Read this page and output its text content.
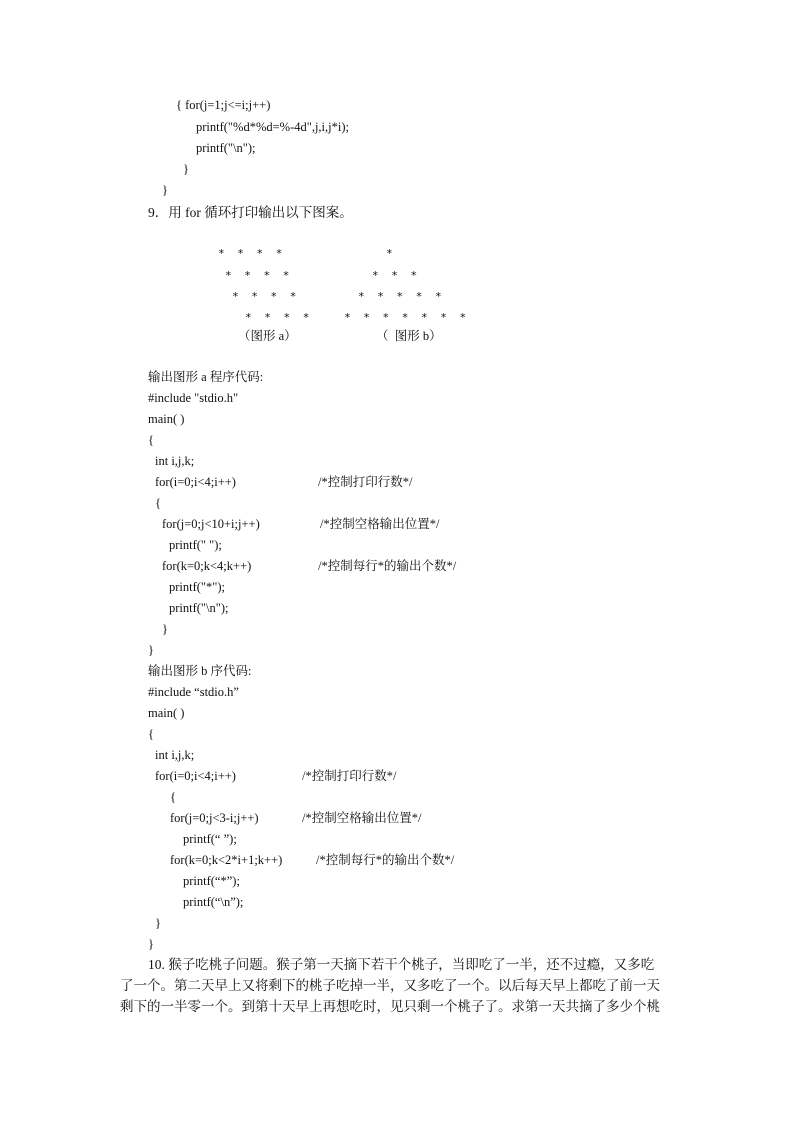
{ for(j=1;j<=i;j++)
printf("%d*%d=%-4d",j,i,j*i);
printf("\n");
}
}
9．用 for 循环打印输出以下图案。
* * * *
* * * *
* * * *
* * * *
（图形 a）
*
* * *
* * * * *
* * * * * * *
（  图形 b）
输出图形 a 程序代码:
#include "stdio.h"
main( )
{
int i,j,k;
for(i=0;i<4;i++)	/*控制打印行数*/
{
for(j=0;j<10+i;j++)	/*控制空格输出位置*/
printf(" ");
for(k=0;k<4;k++)	/*控制每行*的输出个数*/
printf("*");
printf("\n");
}
}
输出图形 b 序代码:
#include “stdio.h”
main( )
{
int i,j,k;
for(i=0;i<4;i++)	/*控制打印行数*/
{
for(j=0;j<3-i;j++)	/*控制空格输出位置*/
printf(“ ”);
for(k=0;k<2*i+1;k++)	/*控制每行*的输出个数*/
printf(“*”);
printf(“\n”);
}
}
10. 猴子吃桃子问题。猴子第一天摘下若干个桃子，当即吃了一半，还不过瘾，又多吃
了一个。第二天早上又将剩下的桃子吃掉一半，又多吃了一个。以后每天早上都吃了前一天
剩下的一半零一个。到第十天早上再想吃时，见只剩一个桃子了。求第一天共摘了多少个桃
